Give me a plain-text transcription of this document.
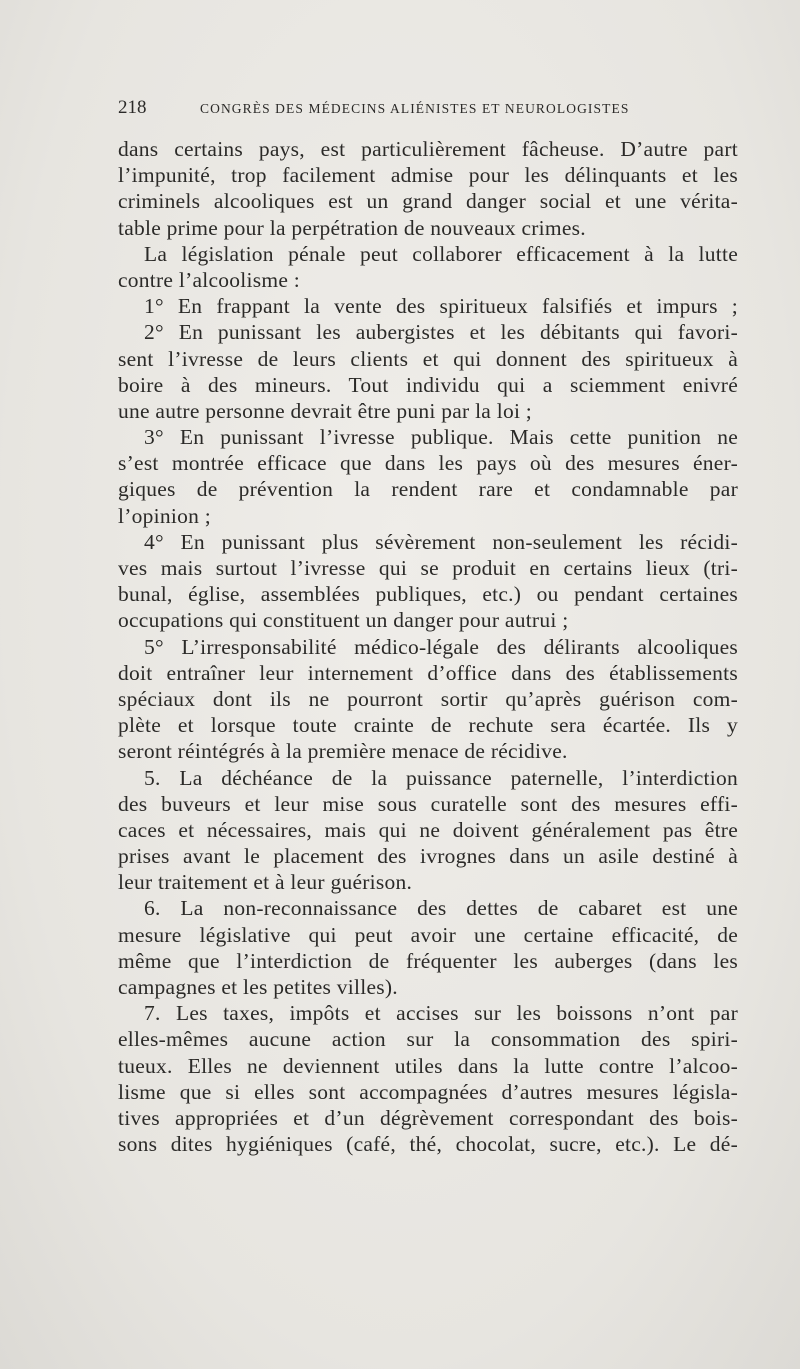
218	CONGRÈS DES MÉDECINS ALIÉNISTES ET NEUROLOGISTES
dans certains pays, est particulièrement fâcheuse. D’autre part
l’impunité, trop facilement admise pour les délinquants et les
criminels alcooliques est un grand danger social et une vérita-
table prime pour la perpétration de nouveaux crimes.
La législation pénale peut collaborer efficacement à la lutte
contre l’alcoolisme :
1° En frappant la vente des spiritueux falsifiés et impurs ;
2° En punissant les aubergistes et les débitants qui favori-
sent l’ivresse de leurs clients et qui donnent des spiritueux à
boire à des mineurs. Tout individu qui a sciemment enivré
une autre personne devrait être puni par la loi ;
3° En punissant l’ivresse publique. Mais cette punition ne
s’est montrée efficace que dans les pays où des mesures éner-
giques de prévention la rendent rare et condamnable par
l’opinion ;
4° En punissant plus sévèrement non-seulement les récidi-
ves mais surtout l’ivresse qui se produit en certains lieux (tri-
bunal, église, assemblées publiques, etc.) ou pendant certaines
occupations qui constituent un danger pour autrui ;
5° L’irresponsabilité médico-légale des délirants alcooliques
doit entraîner leur internement d’office dans des établissements
spéciaux dont ils ne pourront sortir qu’après guérison com-
plète et lorsque toute crainte de rechute sera écartée. Ils y
seront réintégrés à la première menace de récidive.
5. La déchéance de la puissance paternelle, l’interdiction
des buveurs et leur mise sous curatelle sont des mesures effi-
caces et nécessaires, mais qui ne doivent généralement pas être
prises avant le placement des ivrognes dans un asile destiné à
leur traitement et à leur guérison.
6. La non-reconnaissance des dettes de cabaret est une
mesure législative qui peut avoir une certaine efficacité, de
même que l’interdiction de fréquenter les auberges (dans les
campagnes et les petites villes).
7. Les taxes, impôts et accises sur les boissons n’ont par
elles-mêmes aucune action sur la consommation des spiri-
tueux. Elles ne deviennent utiles dans la lutte contre l’alcoo-
lisme que si elles sont accompagnées d’autres mesures législa-
tives appropriées et d’un dégrèvement correspondant des bois-
sons dites hygiéniques (café, thé, chocolat, sucre, etc.). Le dé-
